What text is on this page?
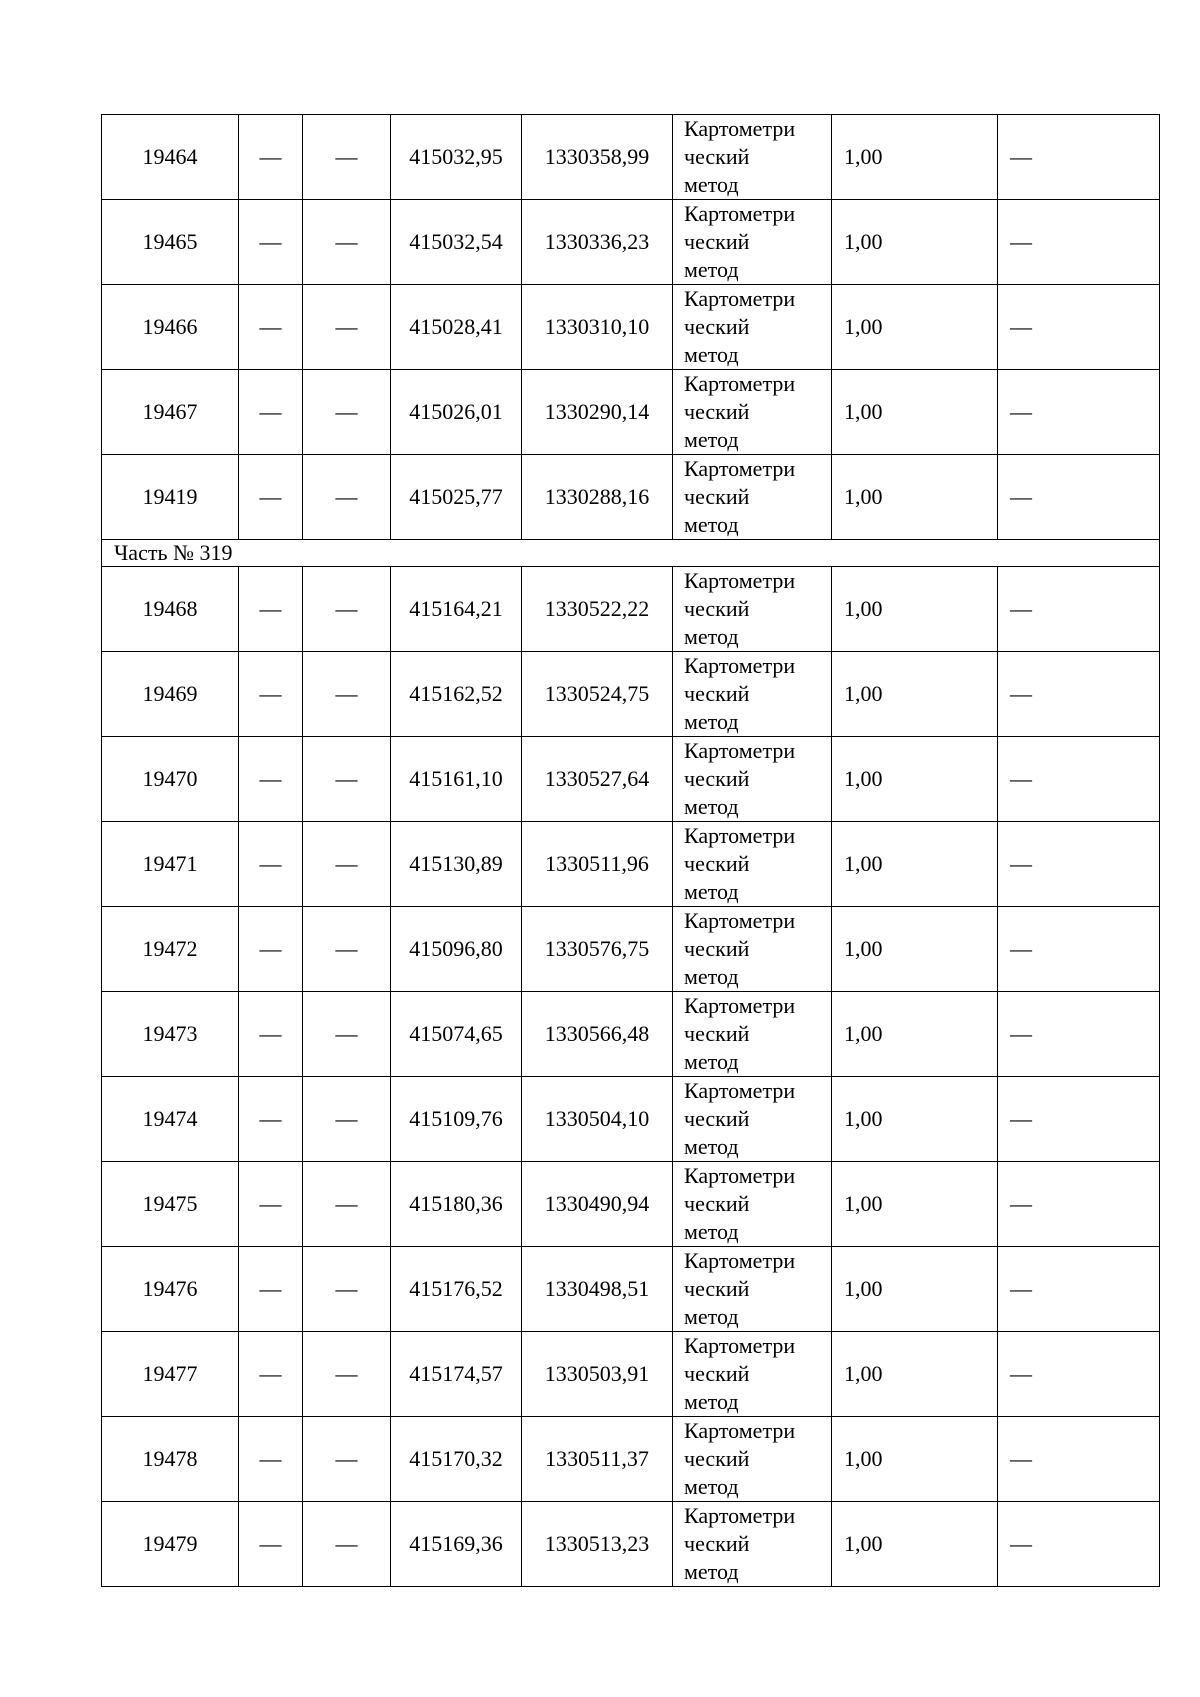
19464	—	—	415032,95	1330358,99	Картометри
ческий
метод	1,00	—
19465	—	—	415032,54	1330336,23	Картометри
ческий
метод	1,00	—
19466	—	—	415028,41	1330310,10	Картометри
ческий
метод	1,00	—
19467	—	—	415026,01	1330290,14	Картометри
ческий
метод	1,00	—
19419	—	—	415025,77	1330288,16	Картометри
ческий
метод	1,00	—
Часть № 319							
19468	—	—	415164,21	1330522,22	Картометри
ческий
метод	1,00	—
19469	—	—	415162,52	1330524,75	Картометри
ческий
метод	1,00	—
19470	—	—	415161,10	1330527,64	Картометри
ческий
метод	1,00	—
19471	—	—	415130,89	1330511,96	Картометри
ческий
метод	1,00	—
19472	—	—	415096,80	1330576,75	Картометри
ческий
метод	1,00	—
19473	—	—	415074,65	1330566,48	Картометри
ческий
метод	1,00	—
19474	—	—	415109,76	1330504,10	Картометри
ческий
метод	1,00	—
19475	—	—	415180,36	1330490,94	Картометри
ческий
метод	1,00	—
19476	—	—	415176,52	1330498,51	Картометри
ческий
метод	1,00	—
19477	—	—	415174,57	1330503,91	Картометри
ческий
метод	1,00	—
19478	—	—	415170,32	1330511,37	Картометри
ческий
метод	1,00	—
19479	—	—	415169,36	1330513,23	Картометри
ческий
метод	1,00	—
